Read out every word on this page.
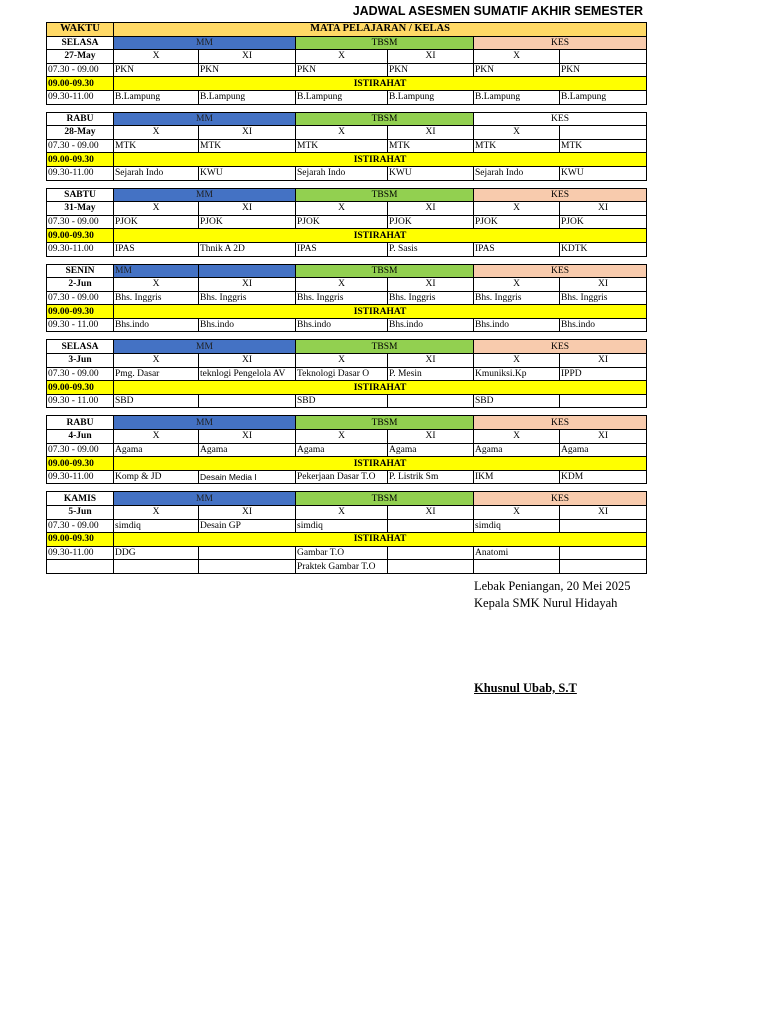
JADWAL ASESMEN SUMATIF AKHIR SEMESTER
WAKTU	MATA PELAJARAN / KELAS					
SELASA	MM		TBSM		KES	
27-May	X	XI	X	XI	X	
07.30 - 09.00	PKN	PKN	PKN	PKN	PKN	PKN
09.00-09.30	ISTIRAHAT					
09.30-11.00	B.Lampung	B.Lampung	B.Lampung	B.Lampung	B.Lampung	B.Lampung

RABU	MM		TBSM		KES	
28-May	X	XI	X	XI	X	
07.30 - 09.00	MTK	MTK	MTK	MTK	MTK	MTK
09.00-09.30	ISTIRAHAT					
09.30-11.00	Sejarah Indo	KWU	Sejarah Indo	KWU	Sejarah Indo	KWU

SABTU	MM		TBSM		KES	
31-May	X	XI	X	XI	X	XI
07.30 - 09.00	PJOK	PJOK	PJOK	PJOK	PJOK	PJOK
09.00-09.30	ISTIRAHAT					
09.30-11.00	IPAS	Thnik A 2D	IPAS	P. Sasis	IPAS	KDTK

SENIN	MM		TBSM		KES	
2-Jun	X	XI	X	XI	X	XI
07.30 - 09.00	Bhs. Inggris	Bhs. Inggris	Bhs. Inggris	Bhs. Inggris	Bhs. Inggris	Bhs. Inggris
09.00-09.30	ISTIRAHAT					
09.30 - 11.00	Bhs.indo	Bhs.indo	Bhs.indo	Bhs.indo	Bhs.indo	Bhs.indo

SELASA	MM		TBSM		KES	
3-Jun	X	XI	X	XI	X	XI
07.30 - 09.00	Pmg. Dasar	teknlogi Pengelola AV	Teknologi Dasar O	P. Mesin	Kmuniksi.Kp	IPPD
09.00-09.30	ISTIRAHAT					
09.30 - 11.00	SBD		SBD		SBD	

RABU	MM		TBSM		KES	
4-Jun	X	XI	X	XI	X	XI
07.30 - 09.00	Agama	Agama	Agama	Agama	Agama	Agama
09.00-09.30	ISTIRAHAT					
09.30-11.00	Komp & JD	Desain Media I	Pekerjaan Dasar T.O	P. Listrik Sm	IKM	KDM

KAMIS	MM		TBSM		KES	
5-Jun	X	XI	X	XI	X	XI
07.30 - 09.00	simdiq	Desain GP	simdiq		simdiq	
09.00-09.30	ISTIRAHAT					
09.30-11.00	DDG		Gambar T.O		Anatomi	
			Praktek Gambar T.O			
Lebak Peniangan, 20 Mei 2025
Kepala SMK Nurul Hidayah
Khusnul Ubab, S.T
